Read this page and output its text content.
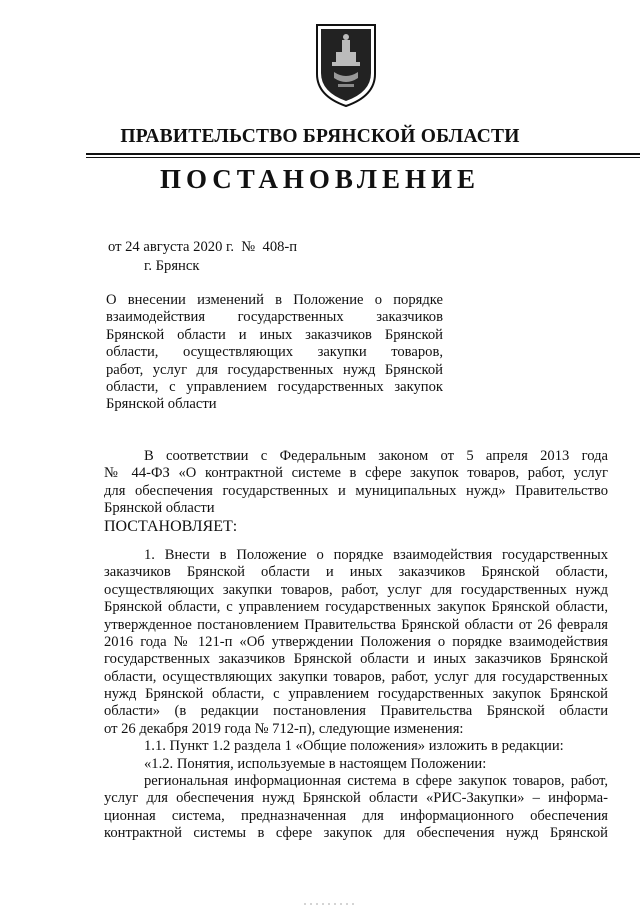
ПРАВИТЕЛЬСТВО БРЯНСКОЙ ОБЛАСТИ
ПОСТАНОВЛЕНИЕ
от 24 августа 2020 г.  №  408-п
г. Брянск
О внесении изменений в Положение о порядке
взаимодействия государственных заказчиков
Брянской области и иных заказчиков Брянской
области, осуществляющих закупки товаров,
работ, услуг для государственных нужд Брянской
области, с управлением государственных закупок
Брянской области
В соответствии с Федеральным законом от 5 апреля 2013 года
№ 44-ФЗ «О контрактной системе в сфере закупок товаров, работ, услуг
для обеспечения государственных и муниципальных нужд» Правительство
Брянской области
ПОСТАНОВЛЯЕТ:
1. Внести в Положение о порядке взаимодействия государственных
заказчиков Брянской области и иных заказчиков Брянской области,
осуществляющих закупки товаров, работ, услуг для государственных нужд
Брянской области, с управлением государственных закупок Брянской области,
утвержденное постановлением Правительства Брянской области от 26 февраля
2016 года № 121-п «Об утверждении Положения о порядке взаимодействия
государственных заказчиков Брянской области и иных заказчиков Брянской
области, осуществляющих закупки товаров, работ, услуг для государственных
нужд Брянской области, с управлением государственных закупок Брянской
области» (в редакции постановления Правительства Брянской области
от 26 декабря 2019 года № 712-п), следующие изменения:
1.1. Пункт 1.2 раздела 1 «Общие положения» изложить в редакции:
«1.2. Понятия, используемые в настоящем Положении:
региональная информационная система в сфере закупок товаров, работ,
услуг для обеспечения нужд Брянской области «РИС-Закупки» – информа-
ционная система, предназначенная для информационного обеспечения
контрактной системы в сфере закупок для обеспечения нужд Брянской
